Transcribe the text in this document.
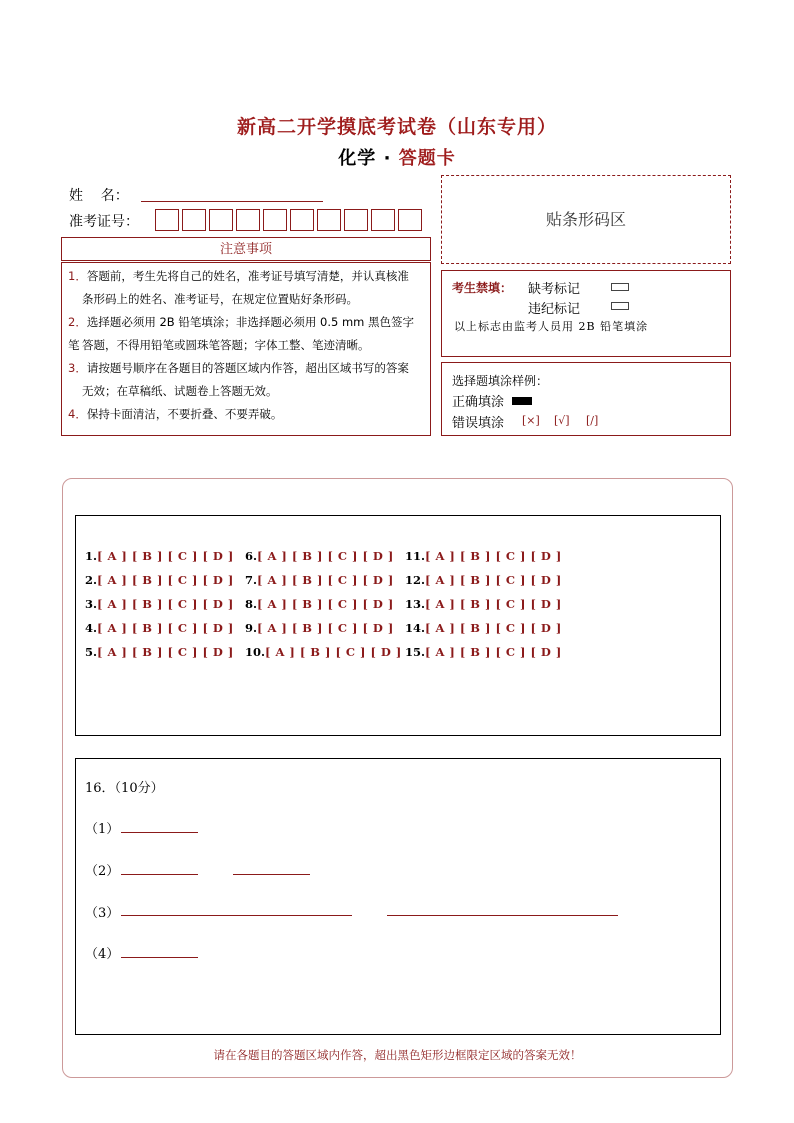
新高二开学摸底考试卷（山东专用）
化学 · 答题卡
姓    名：
准考证号：
注意事项
1．答题前，考生先将自己的姓名，准考证号填写清楚，并认真核准
条形码上的姓名、准考证号，在规定位置贴好条形码。
2．选择题必须用 2B 铅笔填涂；非选择题必须用 0.5 mm 黑色签字笔 答题，不得用铅笔或圆珠笔答题；字体工整、笔迹清晰。
3．请按题号顺序在各题目的答题区域内作答，超出区域书写的答案
无效；在草稿纸、试题卷上答题无效。
4．保持卡面清洁，不要折叠、不要弄破。
贴条形码区
考生禁填： 缺考标记
违纪标记
以上标志由监考人员用 2B 铅笔填涂
选择题填涂样例：
正确填涂
错误填涂 [×] [√] [/]
1.[ A ] [ B ] [ C ] [ D ]
2.[ A ] [ B ] [ C ] [ D ]
3.[ A ] [ B ] [ C ] [ D ]
4.[ A ] [ B ] [ C ] [ D ]
5.[ A ] [ B ] [ C ] [ D ]
6.[ A ] [ B ] [ C ] [ D ]
7.[ A ] [ B ] [ C ] [ D ]
8.[ A ] [ B ] [ C ] [ D ]
9.[ A ] [ B ] [ C ] [ D ]
10.[ A ] [ B ] [ C ] [ D ]
11.[ A ] [ B ] [ C ] [ D ]
12.[ A ] [ B ] [ C ] [ D ]
13.[ A ] [ B ] [ C ] [ D ]
14.[ A ] [ B ] [ C ] [ D ]
15.[ A ] [ B ] [ C ] [ D ]
16．（10分）
（1）
（2）
（3）
（4）
请在各题目的答题区域内作答，超出黑色矩形边框限定区域的答案无效！
